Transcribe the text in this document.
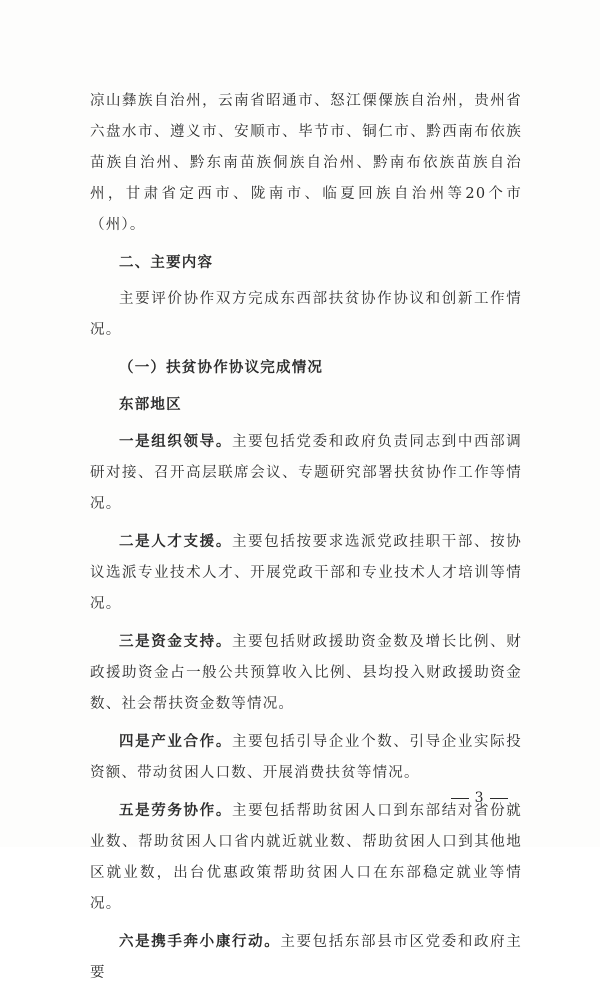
凉山彝族自治州，云南省昭通市、怒江傈僳族自治州，贵州省六盘水市、遵义市、安顺市、毕节市、铜仁市、黔西南布依族苗族自治州、黔东南苗族侗族自治州、黔南布依族苗族自治州，甘肃省定西市、陇南市、临夏回族自治州等20个市（州）。

二、主要内容

主要评价协作双方完成东西部扶贫协作协议和创新工作情况。

（一）扶贫协作协议完成情况

东部地区

一是组织领导。主要包括党委和政府负责同志到中西部调研对接、召开高层联席会议、专题研究部署扶贫协作工作等情况。

二是人才支援。主要包括按要求选派党政挂职干部、按协议选派专业技术人才、开展党政干部和专业技术人才培训等情况。

三是资金支持。主要包括财政援助资金数及增长比例、财政援助资金占一般公共预算收入比例、县均投入财政援助资金数、社会帮扶资金数等情况。

四是产业合作。主要包括引导企业个数、引导企业实际投资额、带动贫困人口数、开展消费扶贫等情况。

五是劳务协作。主要包括帮助贫困人口到东部结对省份就业数、帮助贫困人口省内就近就业数、帮助贫困人口到其他地区就业数，出台优惠政策帮助贫困人口在东部稳定就业等情况。

六是携手奔小康行动。主要包括东部县市区党委和政府主要

3
